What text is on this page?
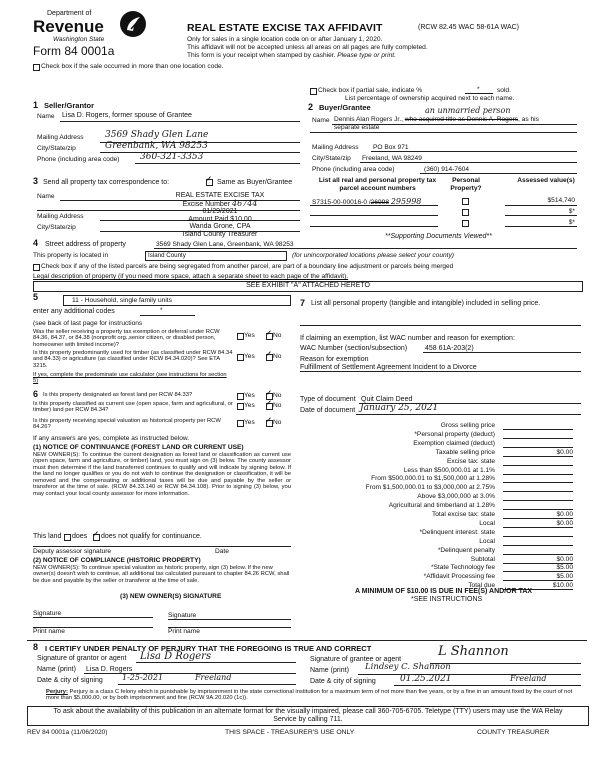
Department of
Revenue
Washington State
Form 84 0001a
REAL ESTATE EXCISE TAX AFFIDAVIT	(RCW 82.45 WAC 58-61A WAC)
Only for sales in a single location code on or after January 1, 2020.
This affidavit will not be accepted unless all areas on all pages are fully completed.
This form is your receipt when stamped by cashier. Please type or print.
Check box if the sale occurred in more than one location code.
Check box if partial sale, indicate %	*	sold.
List percentage of ownership acquired next to each name.
1 Seller/Grantor
Name Lisa D. Rogers, former spouse of Grantee
Mailing Address 3569 Shady Glen Lane
City/State/zip	Greenbank, WA 98253
Phone (including area code) 360-321-3353
2 Buyer/Grantee	an unmarried person
Name Dennis Alan Rogers Jr., who acquired title as Dennis A. Rogers, as his separate estate
Mailing Address PO Box 971
City/State/zip Freeland, WA 98249
Phone (including area code)	(360) 914-7604
3 Send all property tax correspondence to: ✓	Same as Buyer/Grantee
Name
Mailing Address
City/State/zip
REAL ESTATE EXCISE TAX
Excise Number 46744
01/29/2021
Amount Paid $10.00
Wanda Grone, CPA
Island County Treasurer
List all real and personal property tax parcel account numbers
Personal Property?
Assessed value(s)
S7315-00-00016-0 /26998 295998	$514,740
$*
$*
**Supporting Documents Viewed**
4 Street address of property	3569 Shady Glen Lane, Greenbank, WA 98253
This property is located in	Island County	(for unincorporated locations please select your county)
Check box if any of the listed parcels are being segregated from another parcel, are part of a boundary line adjustment or parcels being merged
Legal description of property (if you need more space, attach a separate sheet to each page of the affidavit).
SEE EXHIBIT "A" ATTACHED HERETO
5	11 - Household, single family units
enter any additional codes	*
(see back of last page for instructions
Was the seller receiving a property tax exemption or deferral under RCW 84.36, 84.37, or 84.38 (nonprofit org.,senior citizen, or disabled person, homeowner with limited income)?
Yes ✓	No
Is this property predominantly used for timber (as classified under RCW 84.34 and 84.33) or agriculture (as classified under RCW 84.34.020)? See ETA 3215.
Yes ✓	No
If yes, complete the predominate use calculator (see instructions for section 5)
6 Is this property designated as forest land per RCW 84.33?	Yes ✓	No
Is this property classified as current use (open space, farm and agricultural, or timber) land per RCW 84.34?
Yes ✓	No
Is this property receiving special valuation as historical property per RCW 84.26?
Yes ✓	No
If any answers are yes, complete as instructed below.
(1) NOTICE OF CONTINUANCE (FOREST LAND OR CURRENT USE)
NEW OWNER(S): To continue the current designation as forest land or classification as current use (open space, farm and agriculture, or timber) land, you must sign on (3) below. The county assessor must then determine if the land transferred continues to qualify and will indicate by signing below. If the land no longer qualifies or you do not wish to continue the designation or classification, it will be removed and the compensating or additional taxes will be due and payable by the seller or transferor at the time of sale. (RCW 84.33.140 or RCW 84.34.108). Prior to signing (3) below, you may contact your local county assessor for more information.
This land does ✓ does not qualify for continuance.
Deputy assessor signature	Date
(2) NOTICE OF COMPLIANCE (HISTORIC PROPERTY)
NEW OWNER(S): To continue special valuation as historic property, sign (3) below. If the new owner(s) doesn't wish to continue, all additional tax calculated pursuant to chapter 84.26 RCW, shall be due and payable by the seller or transferor at the time of sale.
(3) NEW OWNER(S) SIGNATURE
Signature	Signature
Print name	Print name
7 List all personal property (tangible and intangible) included in selling price.
If claiming an exemption, list WAC number and reason for exemption:
WAC Number (section/subsection)	458 61A-203(2)
Reason for exemption
Fulfillment of Settlement Agreement Incident to a Divorce
Type of document Quit Claim Deed
Date of document January 25, 2021
Gross selling price
*Personal property (deduct)
Exemption claimed (deduct)
Taxable selling price	$0.00
Excise tax: state
Less than $500,000.01 at 1.1%
From $500,000.01 to $1,500,000 at 1.28%
From $1,500,000.01 to $3,000,000 at 2.75%
Above $3,000,000 at 3.0%
Agricultural and timberland at 1.28%
Total excise tax: state	$0.00
Local	$0.00
*Delinquent interest: state
Local
*Delinquent penalty
Subtotal	$0.00
*State Technology fee	$5.00
*Affidavit Processing fee	$5.00
Total due	$10.00
A MINIMUM OF $10.00 IS DUE IN FEE(S) AND/OR TAX
*SEE INSTRUCTIONS
8 I CERTIFY UNDER PENALTY OF PERJURY THAT THE FOREGOING IS TRUE AND CORRECT
Signature of grantor or agent Lisa D Rogers
Name (print) Lisa D. Rogers
Date & city of signing 1-25-2021	Freeland
Signature of grantee or agent
L Shannon
Name (print) Lindsey C. Shannon
Date & city of signing	01.25.2021	Freeland
Perjury: Perjury is a class C felony which is punishable by imprisonment in the state correctional institution for a maximum term of not more than five years, or by a fine in an amount fixed by the court of not more than $5,000.00, or by both imprisonment and fine (RCW 9A.20.020 (1c)).
To ask about the availability of this publication in an alternate format for the visually impaired, please call 360-705-6705. Teletype (TTY) users may use the WA Relay Service by calling 711.
REV 84 0001a (11/06/2020)	THIS SPACE - TREASURER'S USE ONLY	COUNTY TREASURER
